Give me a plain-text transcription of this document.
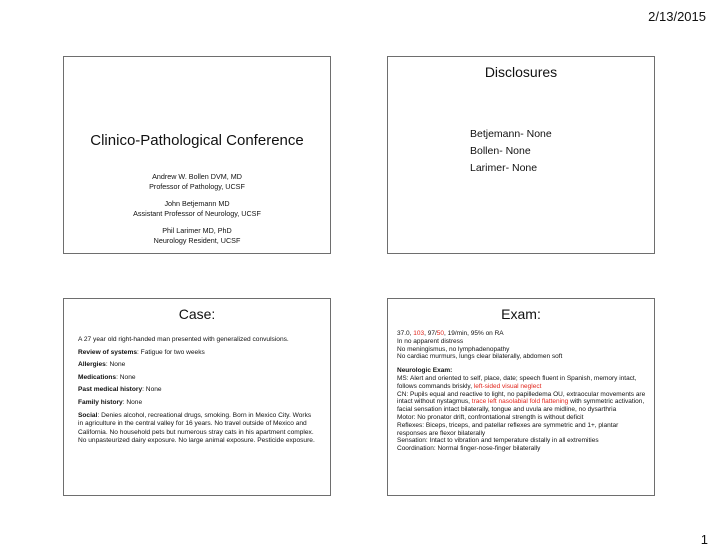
2/13/2015
Clinico-Pathological Conference
Andrew W. Bollen DVM, MD
Professor of Pathology, UCSF
John Betjemann MD
Assistant Professor of Neurology, UCSF
Phil Larimer MD, PhD
Neurology Resident, UCSF
Disclosures
Betjemann- None
Bollen- None
Larimer- None
Case:

A 27 year old right-handed man presented with generalized convulsions.

Review of systems: Fatigue for two weeks

Allergies: None

Medications: None

Past medical history: None

Family history: None

Social: Denies alcohol, recreational drugs, smoking. Born in Mexico City. Works in agriculture in the central valley for 16 years. No travel outside of Mexico and California. No household pets but numerous stray cats in his apartment complex. No unpasteurized dairy exposure. No large animal exposure. Pesticide exposure.

Exam:

37.0, 103, 97/50, 19/min, 95% on RA

In no apparent distress

No meningismus, no lymphadenopathy

No cardiac murmurs, lungs clear bilaterally, abdomen soft

Neurologic Exam:

MS: Alert and oriented to self, place, date; speech fluent in Spanish, memory intact, follows commands briskly, left-sided visual neglect

CN: Pupils equal and reactive to light, no papilledema OU, extraocular movements are intact without nystagmus, trace left nasolabial fold flattening with symmetric activation, facial sensation intact bilaterally, tongue and uvula are midline, no dysarthria

Motor: No pronator drift, confrontational strength is without deficit

Reflexes: Biceps, triceps, and patellar reflexes are symmetric and 1+, plantar responses are flexor bilaterally

Sensation: Intact to vibration and temperature distally in all extremities

Coordination: Normal finger-nose-finger bilaterally

1
